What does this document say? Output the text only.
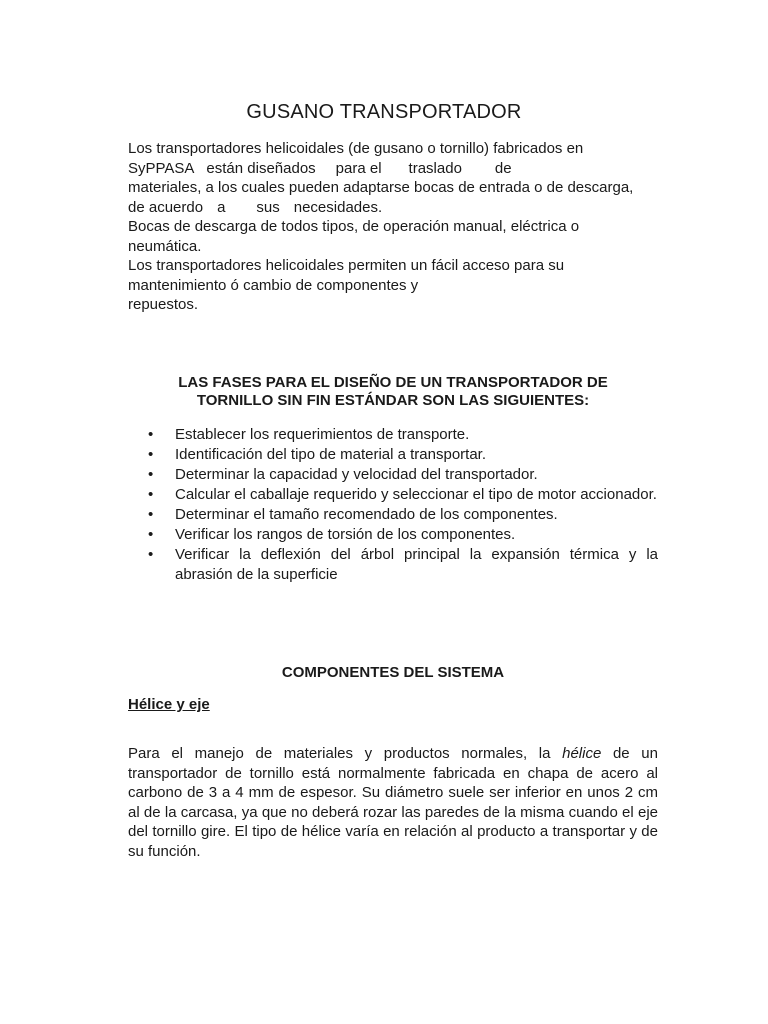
GUSANO TRANSPORTADOR
Los transportadores helicoidales (de gusano o tornillo) fabricados en
SyPPASA están diseñados para el traslado de
materiales, a los cuales pueden adaptarse bocas de entrada o de descarga,
de acuerdo a sus necesidades.
Bocas de descarga de todos tipos, de operación manual, eléctrica o
neumática.
Los transportadores helicoidales permiten un fácil acceso para su
mantenimiento ó cambio de componentes y
repuestos.
LAS FASES PARA EL DISEÑO DE UN TRANSPORTADOR DE
TORNILLO SIN FIN ESTÁNDAR SON LAS SIGUIENTES:
• Establecer los requerimientos de transporte.
• Identificación del tipo de material a transportar.
• Determinar la capacidad y velocidad del transportador.
• Calcular el caballaje requerido y seleccionar el tipo de motor accionador.
• Determinar el tamaño recomendado de los componentes.
• Verificar los rangos de torsión de los componentes.
• Verificar la deflexión del árbol principal la expansión térmica y la abrasión de la superficie
COMPONENTES DEL SISTEMA
Hélice y eje

Para el manejo de materiales y productos normales, la hélice de un transportador de tornillo está normalmente fabricada en chapa de acero al carbono de 3 a 4 mm de espesor. Su diámetro suele ser inferior en unos 2 cm al de la carcasa, ya que no deberá rozar las paredes de la misma cuando el eje del tornillo gire. El tipo de hélice varía en relación al producto a transportar y de su función.
